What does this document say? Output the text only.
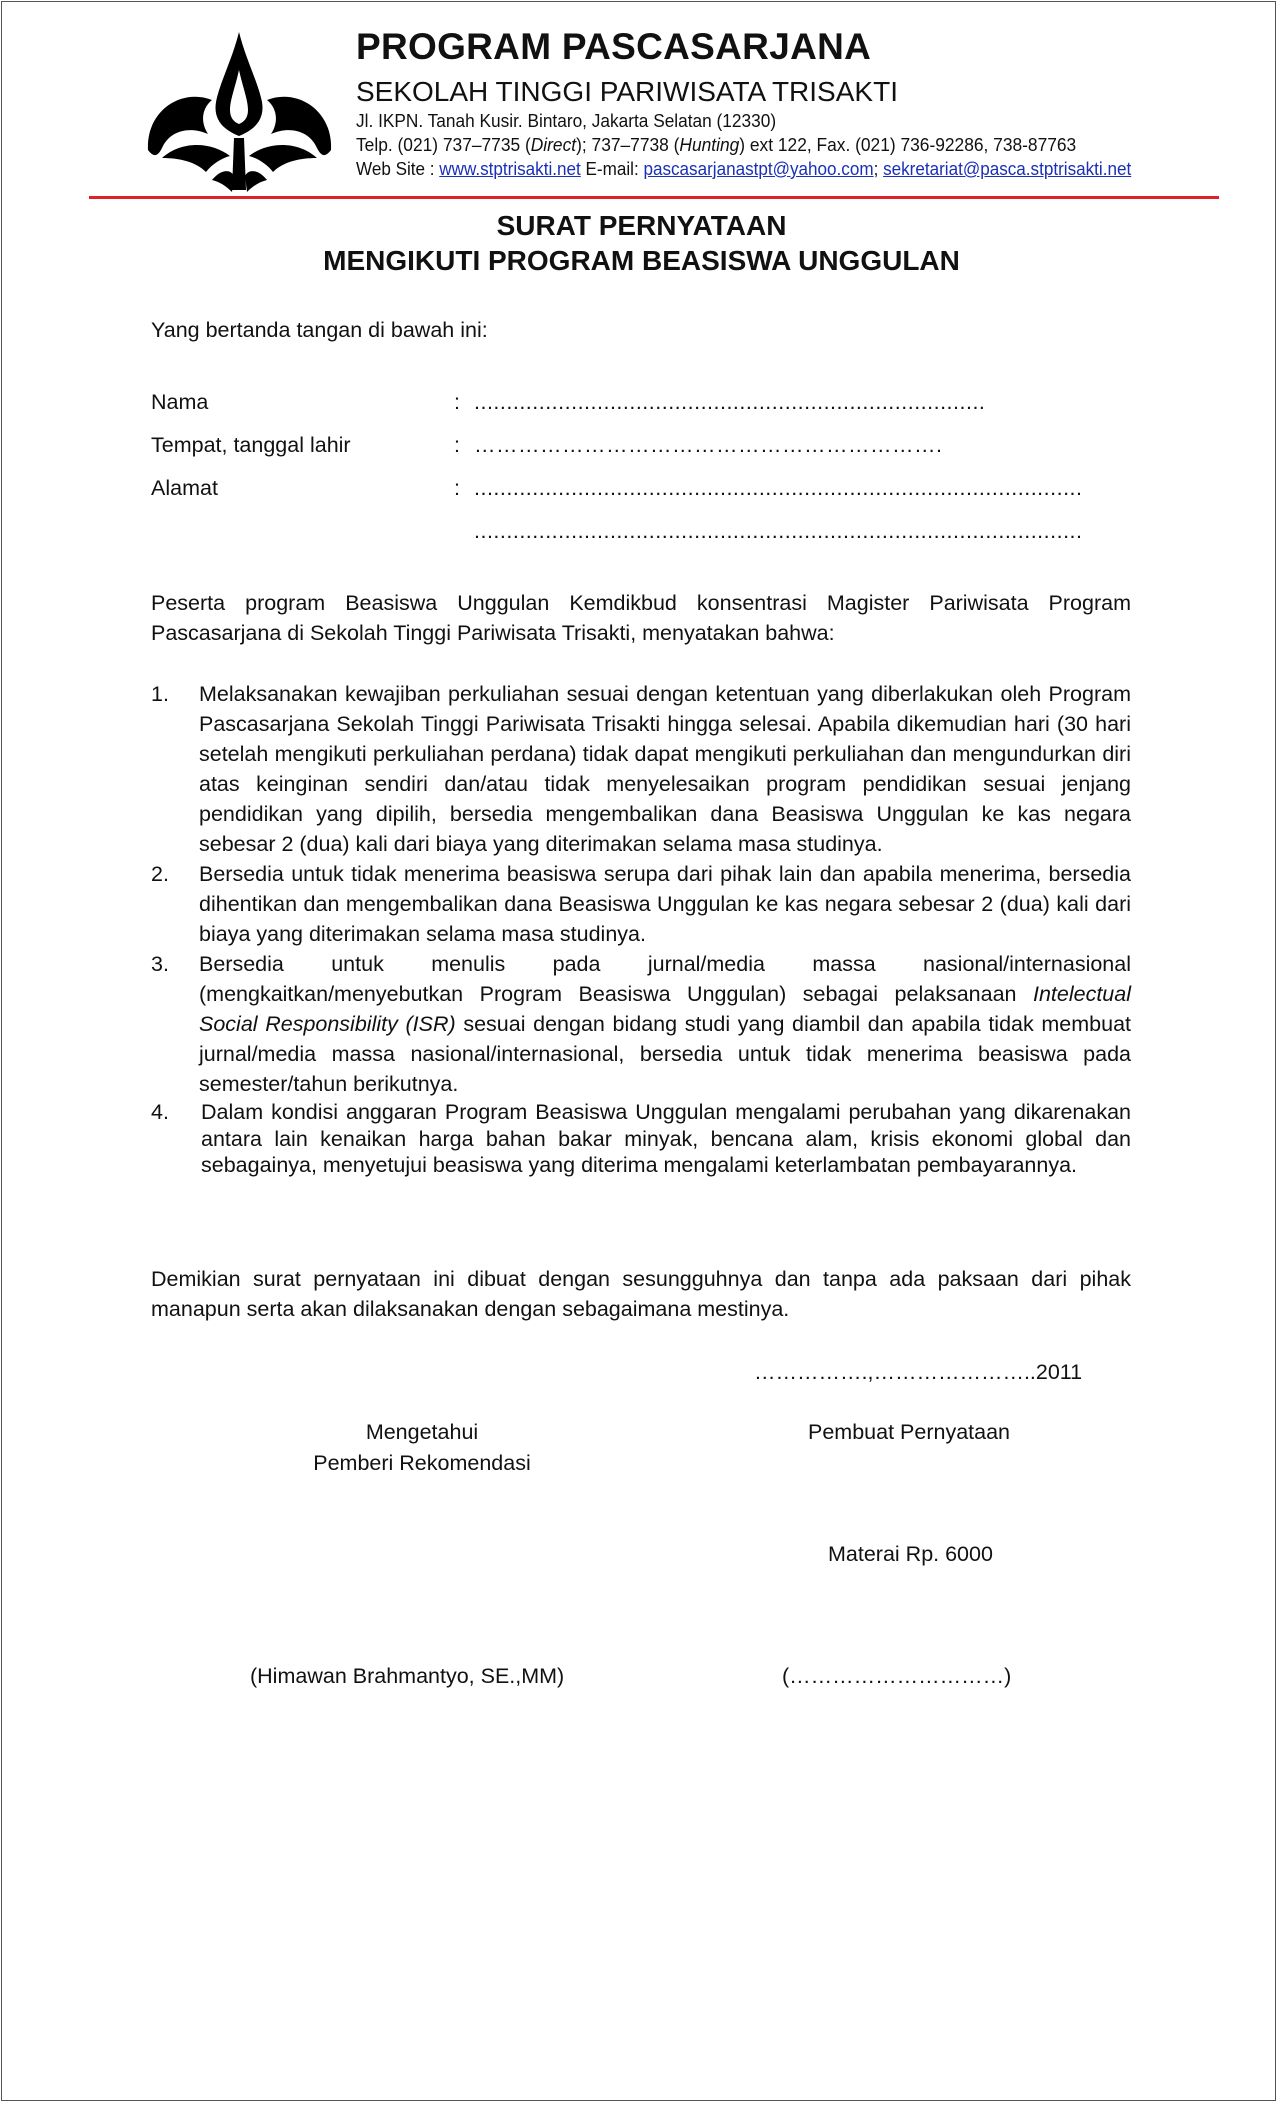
PROGRAM PASCASARJANA
SEKOLAH TINGGI PARIWISATA TRISAKTI
Jl. IKPN. Tanah Kusir. Bintaro, Jakarta Selatan (12330)
Telp. (021) 737–7735 (Direct); 737–7738 (Hunting) ext 122, Fax. (021) 736-92286, 738-87763
Web Site : www.stptrisakti.net E-mail: pascasarjanastpt@yahoo.com; sekretariat@pasca.stptrisakti.net
SURAT PERNYATAAN
MENGIKUTI PROGRAM BEASISWA UNGGULAN
Yang bertanda tangan di bawah ini:
Nama	: ...............................................................................
Tempat, tanggal lahir	: ……………………………………………………….
Alamat	: ..............................................................................................
..............................................................................................
Peserta program Beasiswa Unggulan Kemdikbud konsentrasi Magister Pariwisata Program Pascasarjana di Sekolah Tinggi Pariwisata Trisakti, menyatakan bahwa:
1. Melaksanakan kewajiban perkuliahan sesuai dengan ketentuan yang diberlakukan oleh Program Pascasarjana Sekolah Tinggi Pariwisata Trisakti hingga selesai. Apabila dikemudian hari (30 hari setelah mengikuti perkuliahan perdana) tidak dapat mengikuti perkuliahan dan mengundurkan diri atas keinginan sendiri dan/atau tidak menyelesaikan program pendidikan sesuai jenjang pendidikan yang dipilih, bersedia mengembalikan dana Beasiswa Unggulan ke kas negara sebesar 2 (dua) kali dari biaya yang diterimakan selama masa studinya.
2. Bersedia untuk tidak menerima beasiswa serupa dari pihak lain dan apabila menerima, bersedia dihentikan dan mengembalikan dana Beasiswa Unggulan ke kas negara sebesar 2 (dua) kali dari biaya yang diterimakan selama masa studinya.
3. Bersedia untuk menulis pada jurnal/media massa nasional/internasional (mengkaitkan/menyebutkan Program Beasiswa Unggulan) sebagai pelaksanaan Intelectual Social Responsibility (ISR) sesuai dengan bidang studi yang diambil dan apabila tidak membuat jurnal/media massa nasional/internasional, bersedia untuk tidak menerima beasiswa pada semester/tahun berikutnya.
4. Dalam kondisi anggaran Program Beasiswa Unggulan mengalami perubahan yang dikarenakan antara lain kenaikan harga bahan bakar minyak, bencana alam, krisis ekonomi global dan sebagainya, menyetujui beasiswa yang diterima mengalami keterlambatan pembayarannya.
Demikian surat pernyataan ini dibuat dengan sesungguhnya dan tanpa ada paksaan dari pihak manapun serta akan dilaksanakan dengan sebagaimana mestinya.
…………….,…………………..2011
Mengetahui
Pemberi Rekomendasi
(Himawan Brahmantyo, SE.,MM)
Pembuat Pernyataan
Materai Rp. 6000
(…………………………)
